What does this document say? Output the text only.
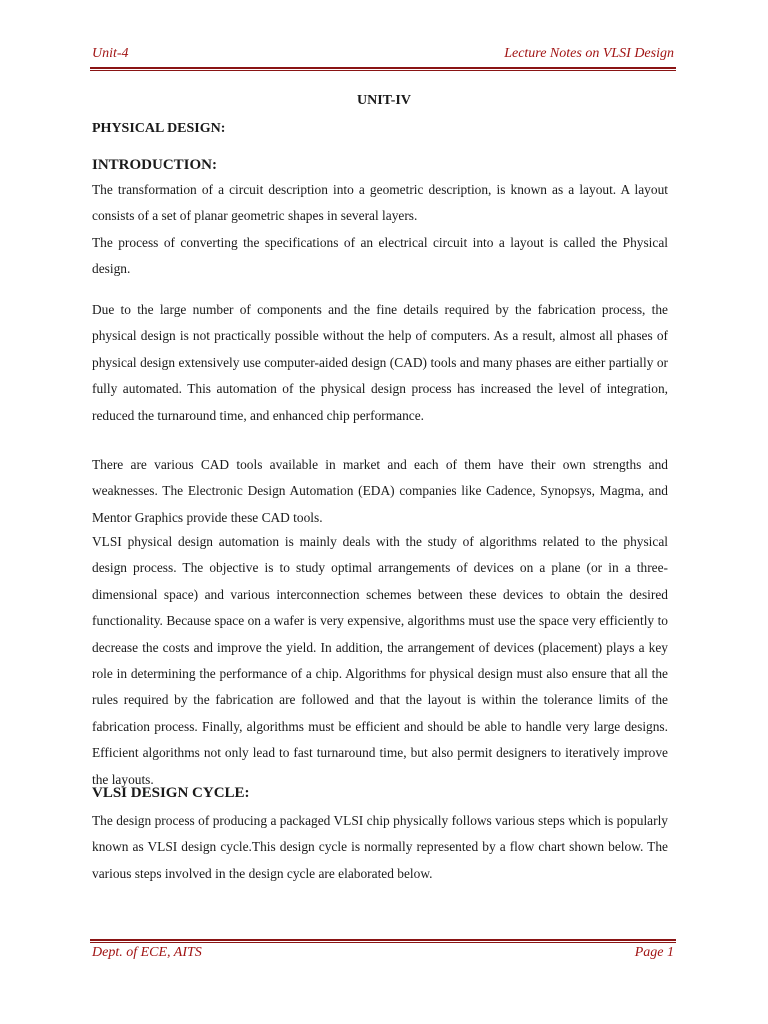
Unit-4	Lecture Notes on VLSI Design
UNIT-IV
PHYSICAL DESIGN:
INTRODUCTION:
The transformation of a circuit description into a geometric description, is known as a layout. A layout consists of a set of planar geometric shapes in several layers.
The process of converting the specifications of an electrical circuit into a layout is called the Physical design.
Due to the large number of components and the fine details required by the fabrication process, the physical design is not practically possible without the help of computers. As a result, almost all phases of physical design extensively use computer-aided design (CAD) tools and many phases are either partially or fully automated. This automation of the physical design process has increased the level of integration, reduced the turnaround time, and enhanced chip performance.
There are various CAD tools available in market and each of them have their own strengths and weaknesses. The Electronic Design Automation (EDA) companies like Cadence, Synopsys, Magma, and Mentor Graphics provide these CAD tools.
VLSI physical design automation is mainly deals with the study of algorithms related to the physical design process. The objective is to study optimal arrangements of devices on a plane (or in a three-dimensional space) and various interconnection schemes between these devices to obtain the desired functionality. Because space on a wafer is very expensive, algorithms must use the space very efficiently to decrease the costs and improve the yield. In addition, the arrangement of devices (placement) plays a key role in determining the performance of a chip. Algorithms for physical design must also ensure that all the rules required by the fabrication are followed and that the layout is within the tolerance limits of the fabrication process. Finally, algorithms must be efficient and should be able to handle very large designs. Efficient algorithms not only lead to fast turnaround time, but also permit designers to iteratively improve the layouts.
VLSI DESIGN CYCLE:
The design process of producing a packaged VLSI chip physically follows various steps which is popularly known as VLSI design cycle.This design cycle is normally represented by a flow chart shown below. The various steps involved in the design cycle are elaborated below.
Dept. of ECE, AITS	Page 1
